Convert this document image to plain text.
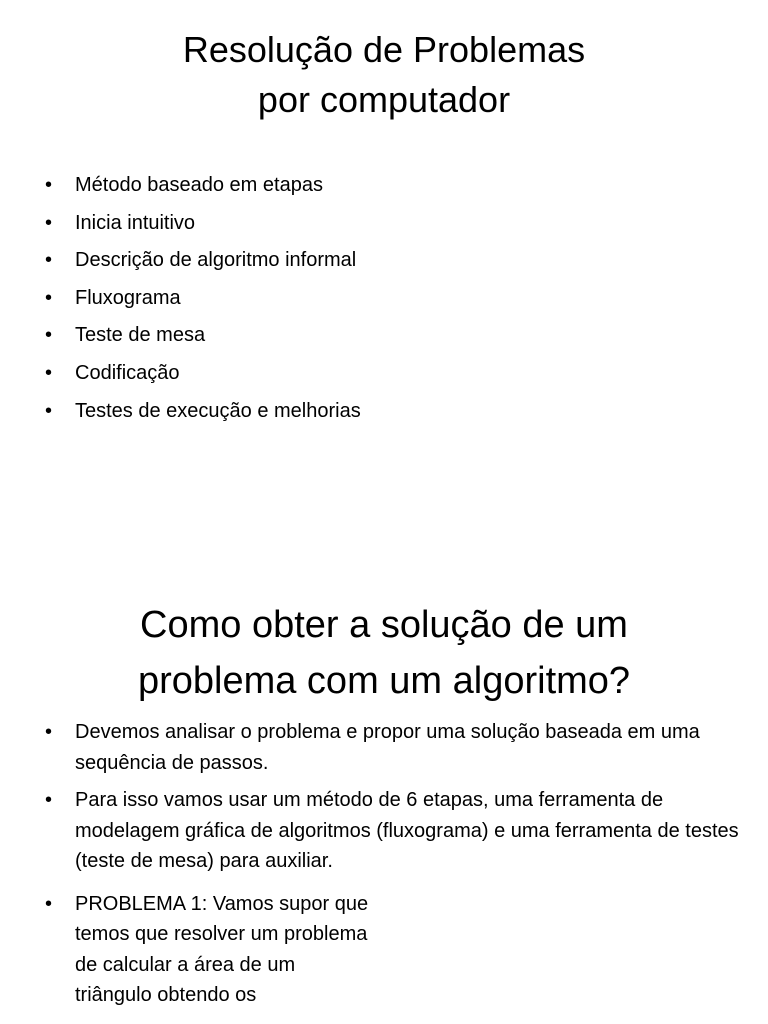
Resolução de Problemas
por computador
•	Método baseado em etapas
•	Inicia intuitivo
•	Descrição de algoritmo informal
•	Fluxograma
•	Teste de mesa
•	Codificação
•	Testes de execução e melhorias
Como obter a solução de um
problema com um algoritmo?
•	Devemos analisar o problema e propor uma solução baseada em uma sequência de passos.
•	Para isso vamos usar um método de 6 etapas, uma ferramenta de modelagem gráfica de algoritmos (fluxograma) e uma ferramenta de testes (teste de mesa) para auxiliar.
•	PROBLEMA 1: Vamos supor que temos que resolver um problema de calcular a área de um triângulo obtendo os
